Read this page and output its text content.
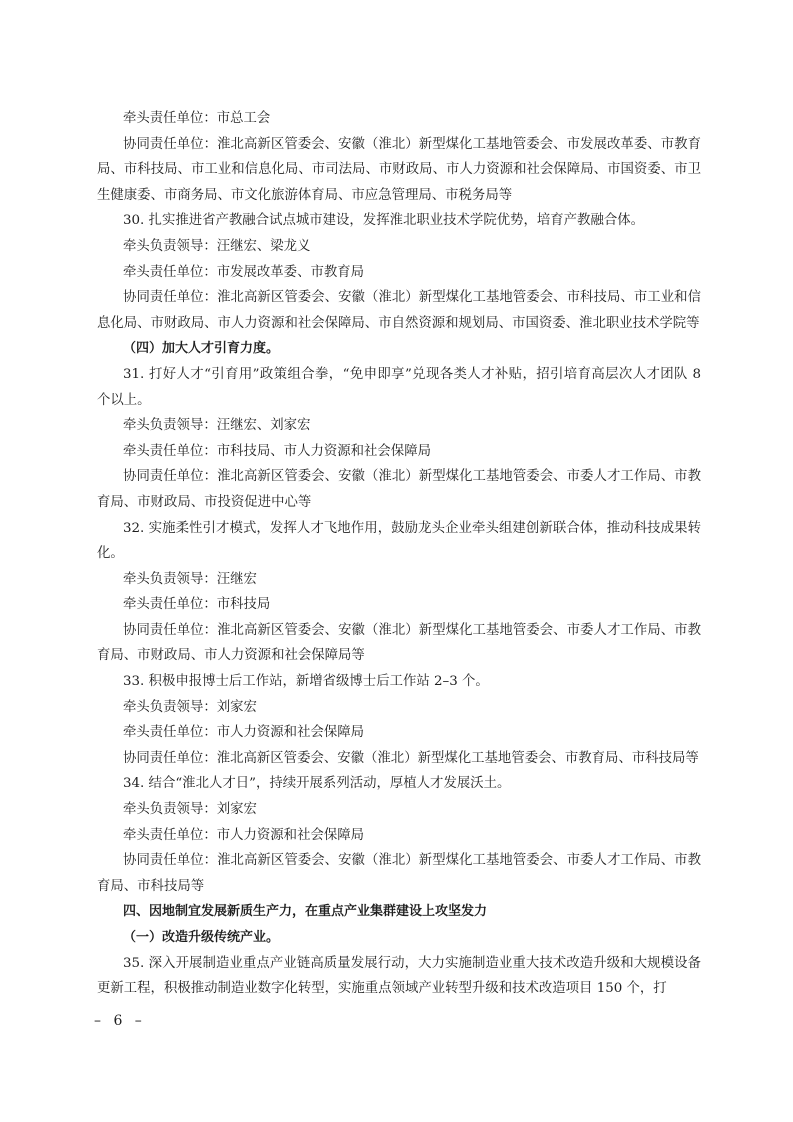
牵头责任单位：市总工会

协同责任单位：淮北高新区管委会、安徽（淮北）新型煤化工基地管委会、市发展改革委、市教育局、市科技局、市工业和信息化局、市司法局、市财政局、市人力资源和社会保障局、市国资委、市卫生健康委、市商务局、市文化旅游体育局、市应急管理局、市税务局等

30. 扎实推进省产教融合试点城市建设，发挥淮北职业技术学院优势，培育产教融合体。

牵头负责领导：汪继宏、梁龙义

牵头责任单位：市发展改革委、市教育局

协同责任单位：淮北高新区管委会、安徽（淮北）新型煤化工基地管委会、市科技局、市工业和信息化局、市财政局、市人力资源和社会保障局、市自然资源和规划局、市国资委、淮北职业技术学院等

（四）加大人才引育力度。

31. 打好人才“引育用”政策组合拳，“免申即享”兑现各类人才补贴，招引培育高层次人才团队 8 个以上。

牵头负责领导：汪继宏、刘家宏

牵头责任单位：市科技局、市人力资源和社会保障局

协同责任单位：淮北高新区管委会、安徽（淮北）新型煤化工基地管委会、市委人才工作局、市教育局、市财政局、市投资促进中心等

32. 实施柔性引才模式，发挥人才飞地作用，鼓励龙头企业牵头组建创新联合体，推动科技成果转化。

牵头负责领导：汪继宏

牵头责任单位：市科技局

协同责任单位：淮北高新区管委会、安徽（淮北）新型煤化工基地管委会、市委人才工作局、市教育局、市财政局、市人力资源和社会保障局等

33. 积极申报博士后工作站，新增省级博士后工作站 2–3 个。

牵头负责领导：刘家宏

牵头责任单位：市人力资源和社会保障局

协同责任单位：淮北高新区管委会、安徽（淮北）新型煤化工基地管委会、市教育局、市科技局等

34. 结合“淮北人才日”，持续开展系列活动，厚植人才发展沃土。

牵头负责领导：刘家宏

牵头责任单位：市人力资源和社会保障局

协同责任单位：淮北高新区管委会、安徽（淮北）新型煤化工基地管委会、市委人才工作局、市教育局、市科技局等

四、因地制宜发展新质生产力，在重点产业集群建设上攻坚发力

（一）改造升级传统产业。

35. 深入开展制造业重点产业链高质量发展行动，大力实施制造业重大技术改造升级和大规模设备更新工程，积极推动制造业数字化转型，实施重点领域产业转型升级和技术改造项目 150 个，打

– 6 –
